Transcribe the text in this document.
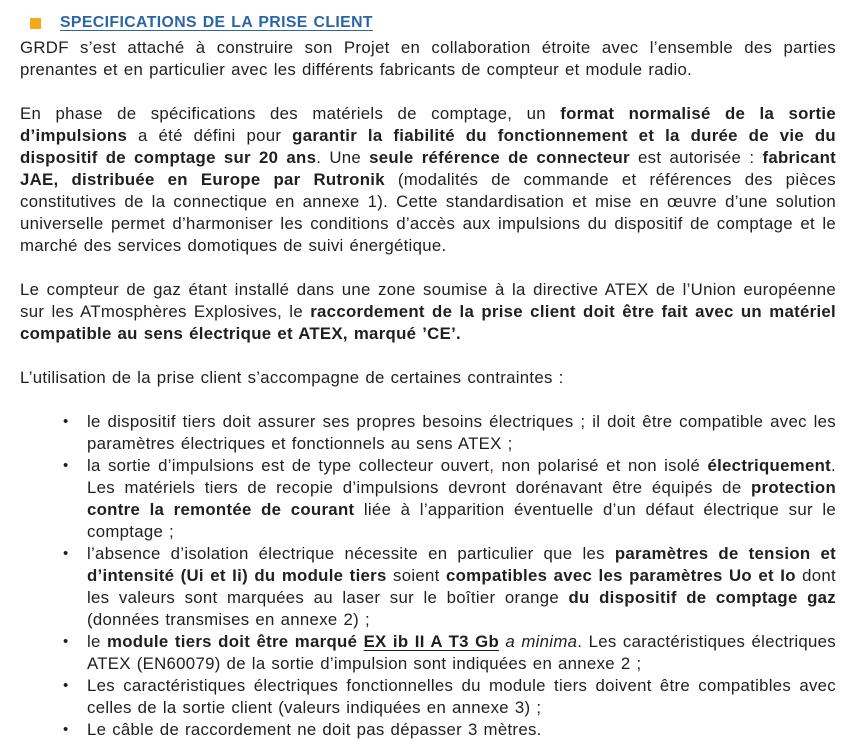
SPECIFICATIONS DE LA PRISE CLIENT

GRDF s’est attaché à construire son Projet en collaboration étroite avec l’ensemble des parties prenantes et en particulier avec les différents fabricants de compteur et module radio.

En phase de spécifications des matériels de comptage, un format normalisé de la sortie d’impulsions a été défini pour garantir la fiabilité du fonctionnement et la durée de vie du dispositif de comptage sur 20 ans. Une seule référence de connecteur est autorisée : fabricant JAE, distribuée en Europe par Rutronik (modalités de commande et références des pièces constitutives de la connectique en annexe 1). Cette standardisation et mise en œuvre d’une solution universelle permet d’harmoniser les conditions d’accès aux impulsions du dispositif de comptage et le marché des services domotiques de suivi énergétique.

Le compteur de gaz étant installé dans une zone soumise à la directive ATEX de l’Union européenne sur les ATmosphères Explosives, le raccordement de la prise client doit être fait avec un matériel compatible au sens électrique et ATEX, marqué ’CE’.

L’utilisation de la prise client s’accompagne de certaines contraintes :

• le dispositif tiers doit assurer ses propres besoins électriques ; il doit être compatible avec les paramètres électriques et fonctionnels au sens ATEX ;
• la sortie d’impulsions est de type collecteur ouvert, non polarisé et non isolé électriquement. Les matériels tiers de recopie d’impulsions devront dorénavant être équipés de protection contre la remontée de courant liée à l’apparition éventuelle d’un défaut électrique sur le comptage ;
• l’absence d’isolation électrique nécessite en particulier que les paramètres de tension et d’intensité (Ui et Ii) du module tiers soient compatibles avec les paramètres Uo et Io dont les valeurs sont marquées au laser sur le boîtier orange du dispositif de comptage gaz (données transmises en annexe 2) ;
• le module tiers doit être marqué EX ib II A T3 Gb a minima. Les caractéristiques électriques ATEX (EN60079) de la sortie d’impulsion sont indiquées en annexe 2 ;
• Les caractéristiques électriques fonctionnelles du module tiers doivent être compatibles avec celles de la sortie client (valeurs indiquées en annexe 3) ;
• Le câble de raccordement ne doit pas dépasser 3 mètres.
